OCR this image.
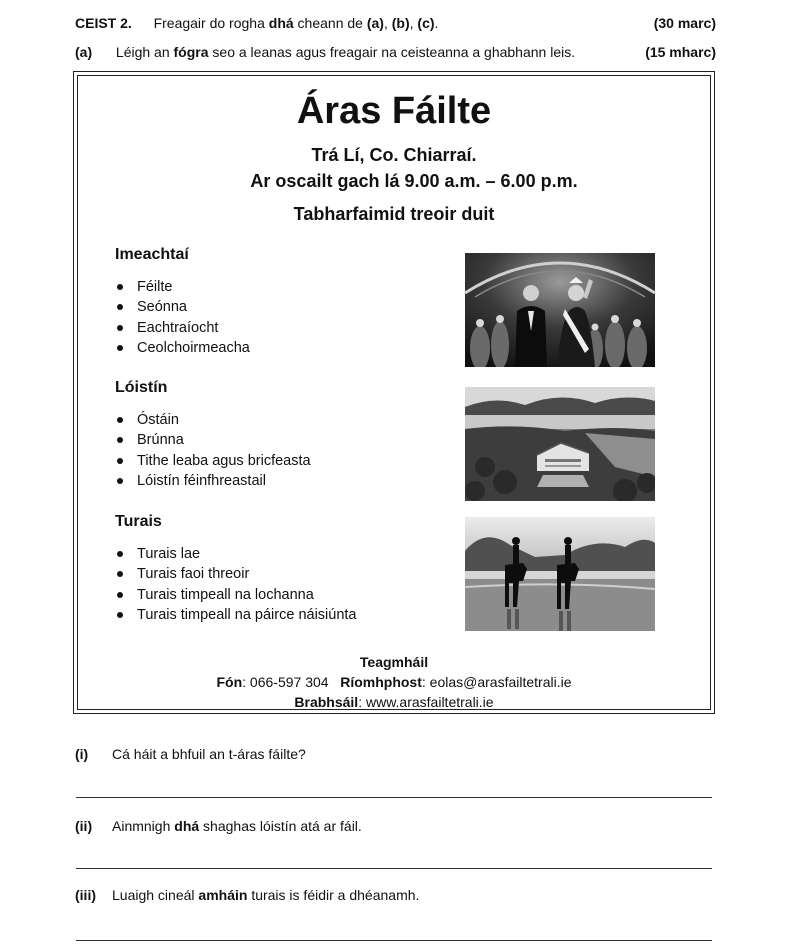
CEIST 2. Freagair do rogha dhá cheann de (a), (b), (c).	(30 marc)
(a) Léigh an fógra seo a leanas agus freagair na ceisteanna a ghabhann leis.	(15 mharc)
Áras Fáilte
Trá Lí, Co. Chiarraí.
Ar oscailt gach lá 9.00 a.m. – 6.00 p.m.
Tabharfaimid treoir duit
Imeachtaí
Féilte
Seónna
Eachtraíocht
Ceolchoirmeacha
Lóistín
Óstáin
Brúnna
Tithe leaba agus bricfeasta
Lóistín féinfhreastail
Turais
Turais lae
Turais faoi threoir
Turais timpeall na lochanna
Turais timpeall na páirce náisiúnta
Teagmháil
Fón: 066-597 304 Ríomhphost: eolas@arasfailtetrali.ie
Brabhsáil: www.arasfailtetrali.ie
(i) Cá háit a bhfuil an t-áras fáilte?
(ii) Ainmnigh dhá shaghas lóistín atá ar fáil.
(iii) Luaigh cineál amháin turais is féidir a dhéanamh.
